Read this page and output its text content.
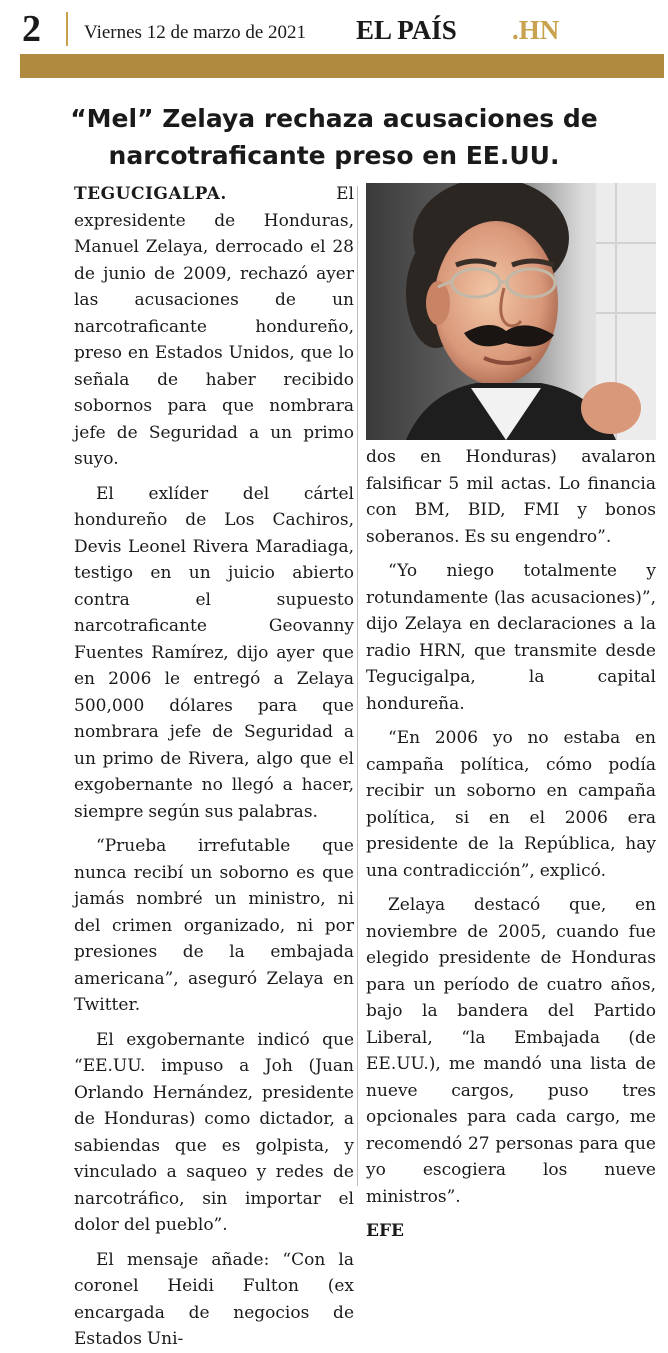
2 Viernes 12 de marzo de 2021 EL PAÍS .HN
“Mel” Zelaya rechaza acusaciones de narcotraficante preso en EE.UU.

TEGUCIGALPA.	El expresidente de Honduras, Manuel Zelaya, derrocado el 28 de junio de 2009, rechazó ayer las acusaciones de un narcotraficante hondureño, preso en Estados Unidos, que lo señala de haber recibido sobornos para que nombrara jefe de Seguridad a un primo suyo.

El exlíder del cártel hondureño de Los Cachiros, Devis Leonel Rivera Maradiaga, testigo en un juicio abierto contra el supuesto narcotraficante Geovanny Fuentes Ramírez, dijo ayer que en 2006 le entregó a Zelaya 500,000 dólares para que nombrara jefe de Seguridad a un primo de Rivera, algo que el exgobernante no llegó a hacer, siempre según sus palabras.

“Prueba irrefutable que nunca recibí un soborno es que jamás nombré un ministro, ni del crimen organizado, ni por presiones de la embajada americana”, aseguró Zelaya en Twitter.

El exgobernante indicó que “EE.UU. impuso a Joh (Juan Orlando Hernández, presidente de Honduras) como dictador, a sabiendas que es golpista, y vinculado a saqueo y redes de narcotráfico, sin importar el dolor del pueblo”.

El mensaje añade: “Con la coronel Heidi Fulton (ex encargada de negocios de Estados Uni-

dos en Honduras) avalaron falsificar 5 mil actas. Lo financia con BM, BID, FMI y bonos soberanos. Es su engendro”.

“Yo niego totalmente y rotundamente (las acusaciones)”, dijo Zelaya en declaraciones a la radio HRN, que transmite desde Tegucigalpa, la capital hondureña.

“En 2006 yo no estaba en campaña política, cómo podía recibir un soborno en campaña política, si en el 2006 era presidente de la República, hay una contradicción”, explicó.

Zelaya destacó que, en noviembre de 2005, cuando fue elegido presidente de Honduras para un período de cuatro años, bajo la bandera del Partido Liberal, “la Embajada (de EE.UU.), me mandó una lista de nueve cargos, puso tres opcionales para cada cargo, me recomendó 27 personas para que yo escogiera los nueve ministros”.

EFE
